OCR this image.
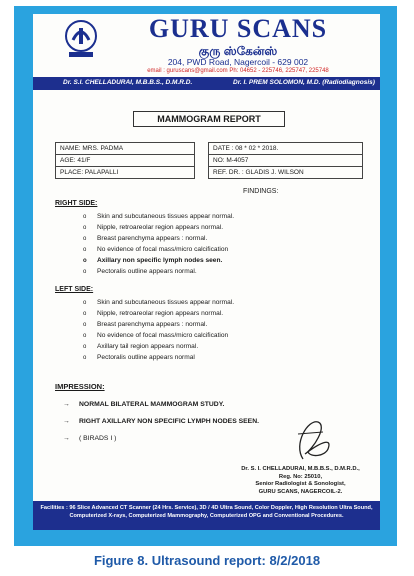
GURU SCANS
குரு ஸ்கேன்ஸ்
204, PWD Road, Nagercoil - 629 002
email : guruscans@gmail.com Ph: 04652 - 225746, 225747, 225748
Dr. S.I. CHELLADURAI, M.B.B.S., D.M.R.D.	Dr. I. PREM SOLOMON, M.D. (Radiodiagnosis)
MAMMOGRAM REPORT
NAME: MRS. PADMA		DATE : 08 * 02 * 2018.
AGE: 41/F		NO: M-4057
PLACE: PALAPALLI		REF. DR. : GLADIS J. WILSON
FINDINGS:
RIGHT SIDE:
o Skin and subcutaneous tissues appear normal.
o Nipple, retroareolar region appears normal.
o Breast parenchyma appears : normal.
o No evidence of focal mass/micro calcification
o Axillary non specific lymph nodes seen.
o Pectoralis outline appears normal.
LEFT SIDE:
o Skin and subcutaneous tissues appear normal.
o Nipple, retroareolar region appears normal.
o Breast parenchyma appears : normal.
o No evidence of focal mass/micro calcification
o Axillary tail region appears normal.
o Pectoralis outline appears normal
IMPRESSION:
→ NORMAL BILATERAL MAMMOGRAM STUDY.
→ RIGHT AXILLARY NON SPECIFIC LYMPH NODES SEEN.
→ ( BIRADS I )
Dr. S. I. CHELLADURAI, M.B.B.S., D.M.R.D.,
Reg. No: 25010,
Senior Radiologist & Sonologist,
GURU SCANS, NAGERCOIL-2.
Facilities : 96 Slice Advanced CT Scanner (24 Hrs. Service), 3D / 4D Ultra Sound, Color Doppler, High Resolution Ultra Sound, Computerized X-rays, Computerized Mammography, Computerized OPG and Conventional Procedures.
Figure 8. Ultrasound report: 8/2/2018
